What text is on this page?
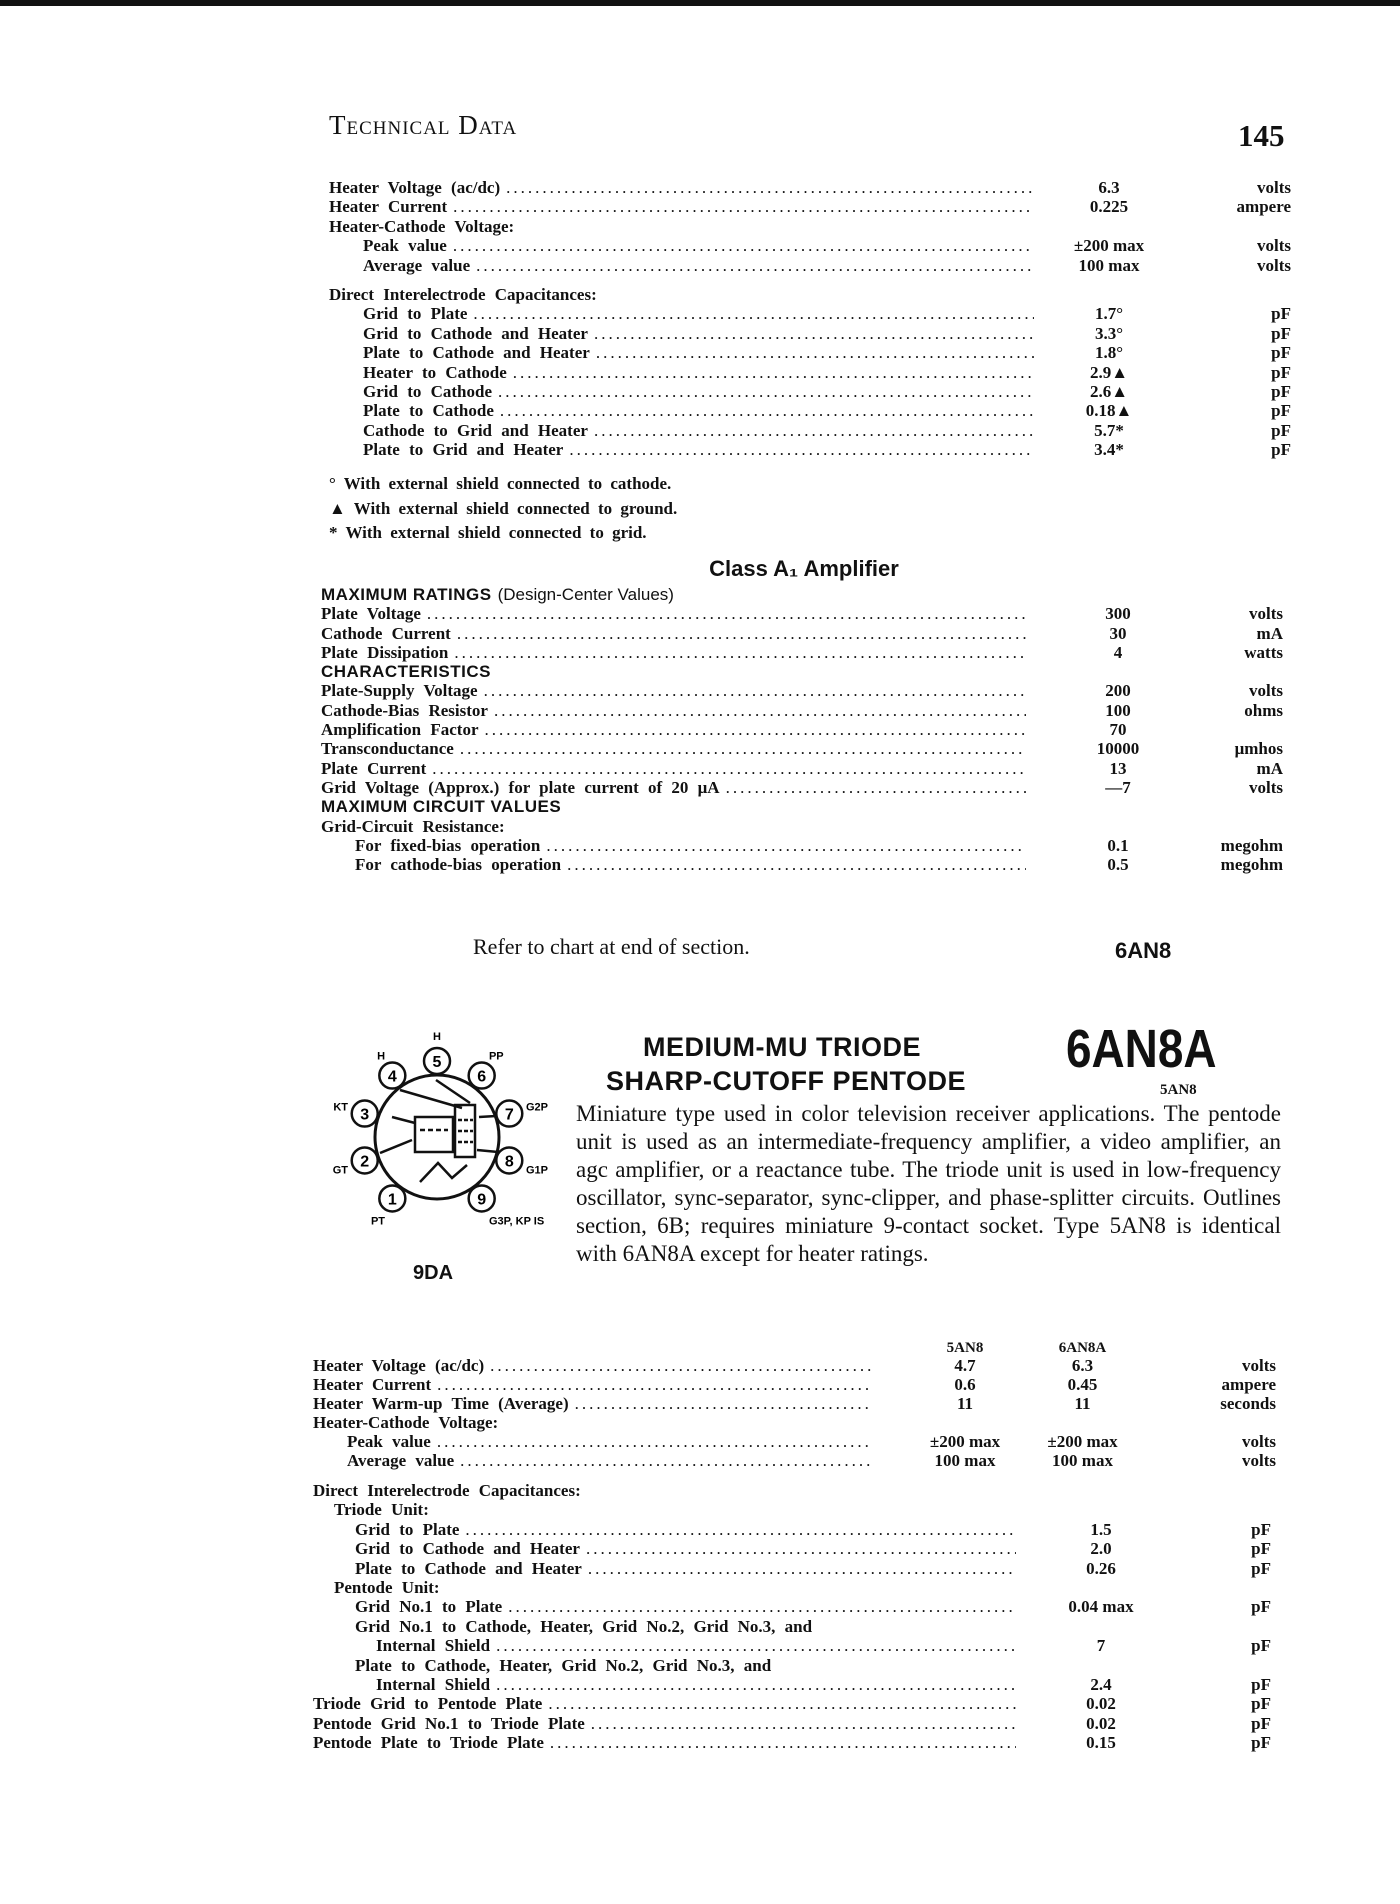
Technical Data	145
Heater Voltage (ac/dc) .....	6.3	volts
Heater Current .....	0.225	ampere
Heater-Cathode Voltage:
Peak value .....	±200 max	volts
Average value .....	100 max	volts
Direct Interelectrode Capacitances:
Grid to Plate .....	1.7°	pF
Grid to Cathode and Heater .....	3.3°	pF
Plate to Cathode and Heater .....	1.8°	pF
Heater to Cathode .....	2.9▲	pF
Grid to Cathode .....	2.6▲	pF
Plate to Cathode .....	0.18▲	pF
Cathode to Grid and Heater .....	5.7*	pF
Plate to Grid and Heater .....	3.4*	pF
° With external shield connected to cathode.
▲ With external shield connected to ground.
* With external shield connected to grid.
Class A₁ Amplifier
MAXIMUM RATINGS (Design-Center Values)
Plate Voltage .....	300	volts
Cathode Current .....	30	mA
Plate Dissipation .....	4	watts
CHARACTERISTICS
Plate-Supply Voltage .....	200	volts
Cathode-Bias Resistor .....	100	ohms
Amplification Factor .....	70
Transconductance .....	10000	μmhos
Plate Current .....	13	mA
Grid Voltage (Approx.) for plate current of 20 μA .....	—7	volts
MAXIMUM CIRCUIT VALUES
Grid-Circuit Resistance:
For fixed-bias operation .....	0.1	megohm
For cathode-bias operation .....	0.5	megohm
Refer to chart at end of section.	6AN8
1
PT
2
GT
3
KT
4
H	5
H
6
PP
7 G2P
8
G1P
9
G3P, KP IS
9DA
MEDIUM-MU TRIODE
SHARP-CUTOFF PENTODE
6AN8A
5AN8
Miniature type used in color television receiver applications. The pentode unit is used as an intermediate-frequency amplifier, a video amplifier, an agc amplifier, or a reactance tube. The triode unit is used in low-frequency oscillator, sync-separator, sync-clipper, and phase-splitter circuits. Outlines section, 6B; requires miniature 9-contact socket. Type 5AN8 is identical with 6AN8A except for heater ratings.
5AN8	6AN8A
Heater Voltage (ac/dc) .....	4.7	6.3	volts
Heater Current .....	0.6	0.45	ampere
Heater Warm-up Time (Average) .....	11	11	seconds
Heater-Cathode Voltage:
Peak value .....	±200 max	±200 max	volts
Average value .....	100 max	100 max	volts
Direct Interelectrode Capacitances:
Triode Unit:
Grid to Plate .....	1.5	pF
Grid to Cathode and Heater .....	2.0	pF
Plate to Cathode and Heater .....	0.26	pF
Pentode Unit:
Grid No.1 to Plate .....	0.04 max	pF
Grid No.1 to Cathode, Heater, Grid No.2, Grid No.3, and
Internal Shield .....	7	pF
Plate to Cathode, Heater, Grid No.2, Grid No.3, and
Internal Shield .....	2.4	pF
Triode Grid to Pentode Plate .....	0.02	pF
Pentode Grid No.1 to Triode Plate .....	0.02	pF
Pentode Plate to Triode Plate .....	0.15	pF
